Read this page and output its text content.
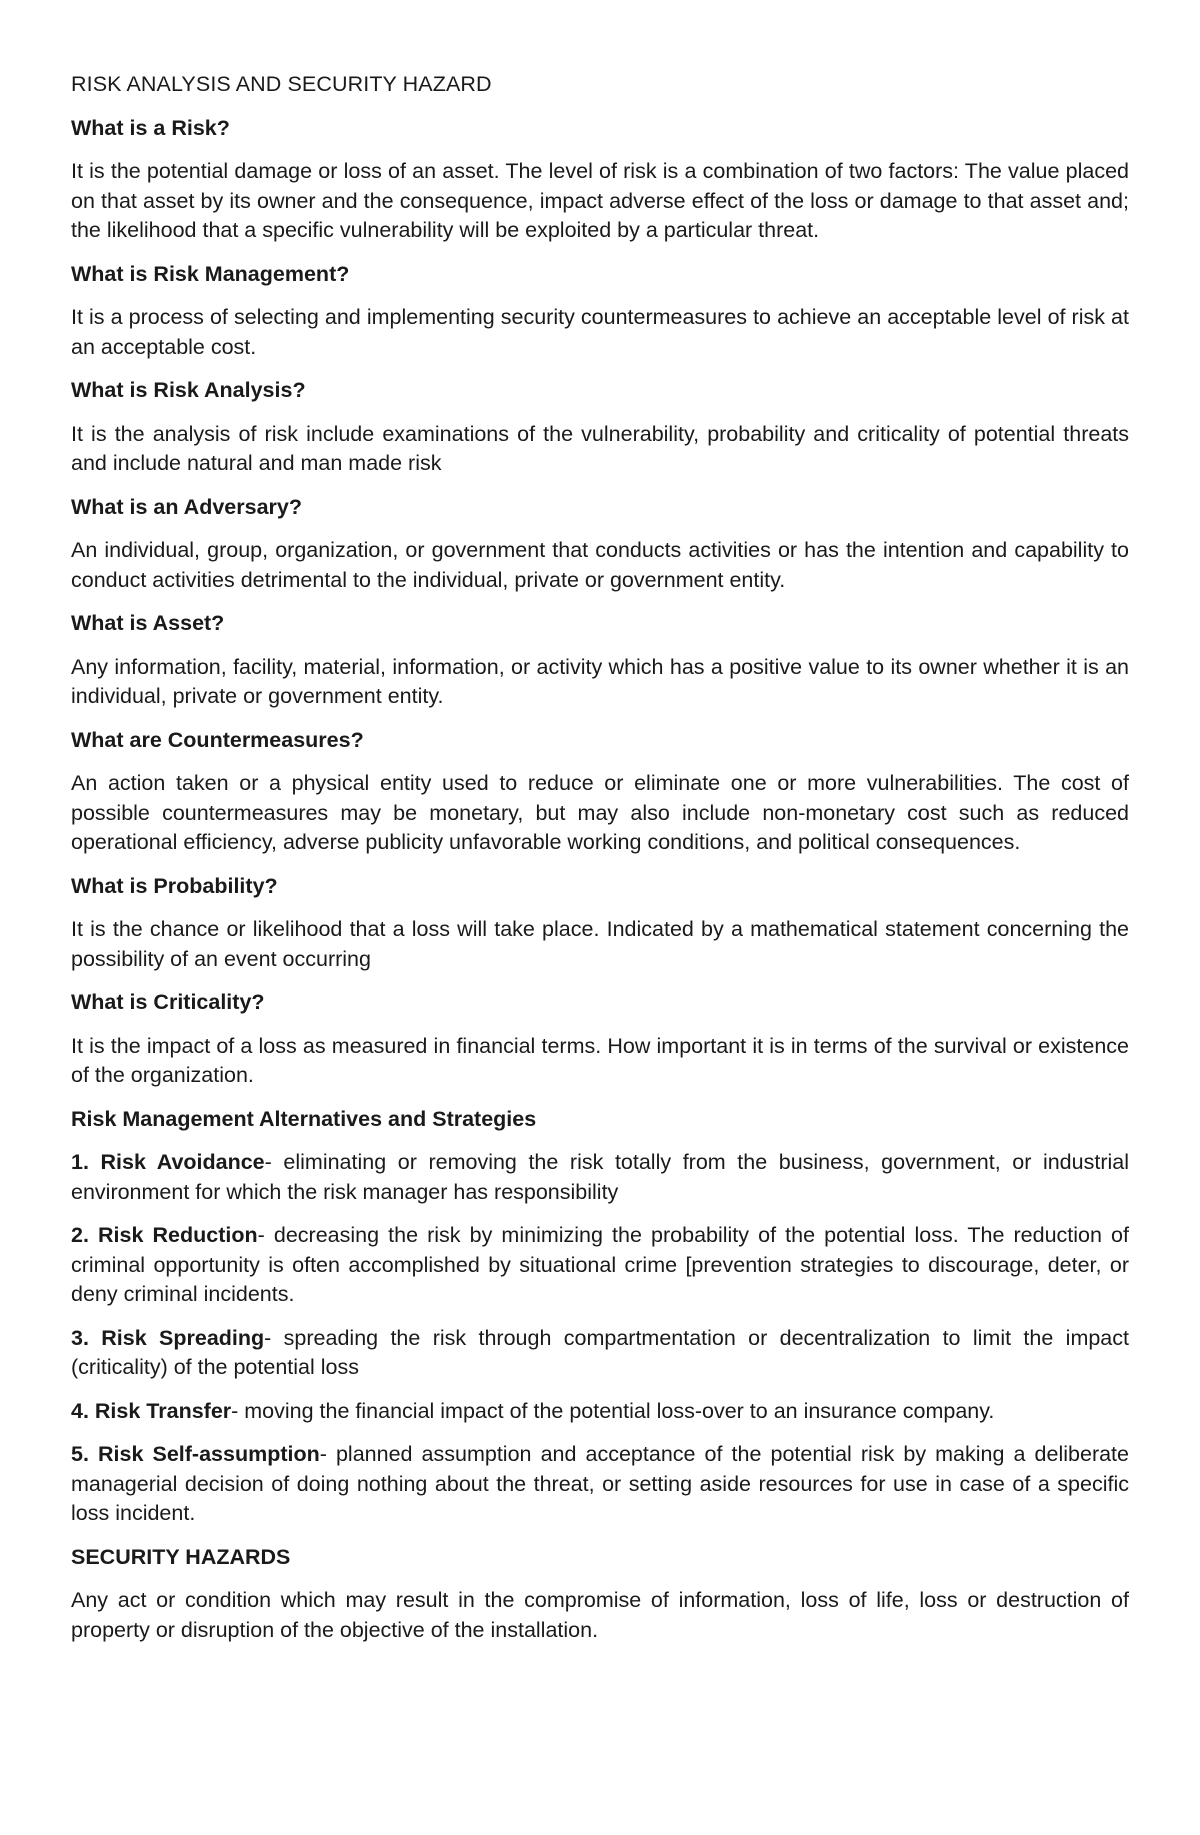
RISK ANALYSIS AND SECURITY HAZARD
What is a Risk?
It is the potential damage or loss of an asset. The level of risk is a combination of two factors: The value placed on that asset by its owner and the consequence, impact adverse effect of the loss or damage to that asset and; the likelihood that a specific vulnerability will be exploited by a particular threat.
What is Risk Management?
It is a process of selecting and implementing security countermeasures to achieve an acceptable level of risk at an acceptable cost.
What is Risk Analysis?
It is the analysis of risk include examinations of the vulnerability, probability and criticality of potential threats and include natural and man made risk
What is an Adversary?
An individual, group, organization, or government that conducts activities or has the intention and capability to conduct activities detrimental to the individual, private or government entity.
What is Asset?
Any information, facility, material, information, or activity which has a positive value to its owner whether it is an individual, private or government entity.
What are Countermeasures?
An action taken or a physical entity used to reduce or eliminate one or more vulnerabilities. The cost of possible countermeasures may be monetary, but may also include non-monetary cost such as reduced operational efficiency, adverse publicity unfavorable working conditions, and political consequences.
What is Probability?
It is the chance or likelihood that a loss will take place. Indicated by a mathematical statement concerning the possibility of an event occurring
What is Criticality?
It is the impact of a loss as measured in financial terms. How important it is in terms of the survival or existence of the organization.
Risk Management Alternatives and Strategies
1. Risk Avoidance- eliminating or removing the risk totally from the business, government, or industrial environment for which the risk manager has responsibility
2. Risk Reduction- decreasing the risk by minimizing the probability of the potential loss. The reduction of criminal opportunity is often accomplished by situational crime [prevention strategies to discourage, deter, or deny criminal incidents.
3. Risk Spreading- spreading the risk through compartmentation or decentralization to limit the impact (criticality) of the potential loss
4. Risk Transfer- moving the financial impact of the potential loss-over to an insurance company.
5. Risk Self-assumption- planned assumption and acceptance of the potential risk by making a deliberate managerial decision of doing nothing about the threat, or setting aside resources for use in case of a specific loss incident.
SECURITY HAZARDS
Any act or condition which may result in the compromise of information, loss of life, loss or destruction of property or disruption of the objective of the installation.
